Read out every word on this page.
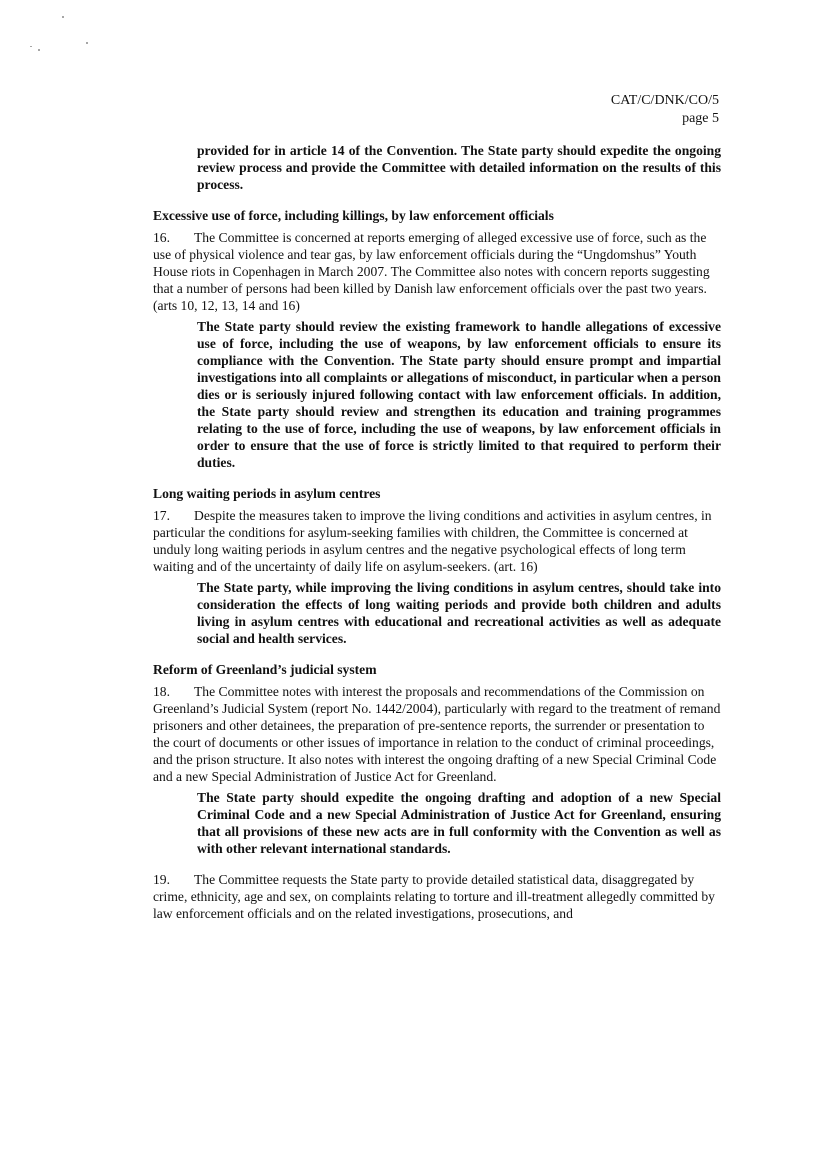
CAT/C/DNK/CO/5
page 5
provided for in article 14 of the Convention. The State party should expedite the ongoing review process and provide the Committee with detailed information on the results of this process.
Excessive use of force, including killings, by law enforcement officials
16. The Committee is concerned at reports emerging of alleged excessive use of force, such as the use of physical violence and tear gas, by law enforcement officials during the “Ungdomshus” Youth House riots in Copenhagen in March 2007. The Committee also notes with concern reports suggesting that a number of persons had been killed by Danish law enforcement officials over the past two years. (arts 10, 12, 13, 14 and 16)
The State party should review the existing framework to handle allegations of excessive use of force, including the use of weapons, by law enforcement officials to ensure its compliance with the Convention. The State party should ensure prompt and impartial investigations into all complaints or allegations of misconduct, in particular when a person dies or is seriously injured following contact with law enforcement officials. In addition, the State party should review and strengthen its education and training programmes relating to the use of force, including the use of weapons, by law enforcement officials in order to ensure that the use of force is strictly limited to that required to perform their duties.
Long waiting periods in asylum centres
17. Despite the measures taken to improve the living conditions and activities in asylum centres, in particular the conditions for asylum-seeking families with children, the Committee is concerned at unduly long waiting periods in asylum centres and the negative psychological effects of long term waiting and of the uncertainty of daily life on asylum-seekers. (art. 16)
The State party, while improving the living conditions in asylum centres, should take into consideration the effects of long waiting periods and provide both children and adults living in asylum centres with educational and recreational activities as well as adequate social and health services.
Reform of Greenland’s judicial system
18. The Committee notes with interest the proposals and recommendations of the Commission on Greenland’s Judicial System (report No. 1442/2004), particularly with regard to the treatment of remand prisoners and other detainees, the preparation of pre-sentence reports, the surrender or presentation to the court of documents or other issues of importance in relation to the conduct of criminal proceedings, and the prison structure. It also notes with interest the ongoing drafting of a new Special Criminal Code and a new Special Administration of Justice Act for Greenland.
The State party should expedite the ongoing drafting and adoption of a new Special Criminal Code and a new Special Administration of Justice Act for Greenland, ensuring that all provisions of these new acts are in full conformity with the Convention as well as with other relevant international standards.
19. The Committee requests the State party to provide detailed statistical data, disaggregated by crime, ethnicity, age and sex, on complaints relating to torture and ill-treatment allegedly committed by law enforcement officials and on the related investigations, prosecutions, and
